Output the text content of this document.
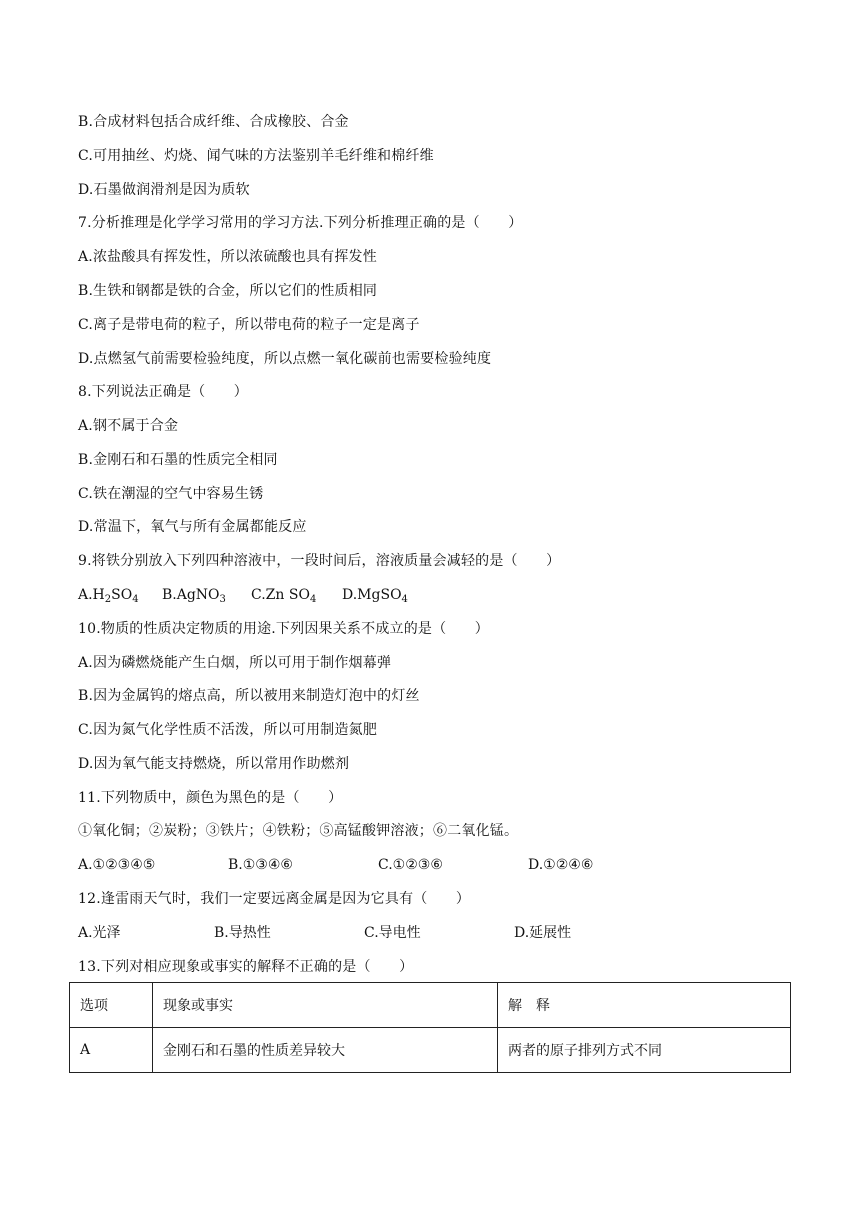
B.合成材料包括合成纤维、合成橡胶、合金
C.可用抽丝、灼烧、闻气味的方法鉴别羊毛纤维和棉纤维
D.石墨做润滑剂是因为质软
7.分析推理是化学学习常用的学习方法.下列分析推理正确的是（　　）
A.浓盐酸具有挥发性，所以浓硫酸也具有挥发性
B.生铁和钢都是铁的合金，所以它们的性质相同
C.离子是带电荷的粒子，所以带电荷的粒子一定是离子
D.点燃氢气前需要检验纯度，所以点燃一氧化碳前也需要检验纯度
8.下列说法正确是（　　）
A.钢不属于合金
B.金刚石和石墨的性质完全相同
C.铁在潮湿的空气中容易生锈
D.常温下，氧气与所有金属都能反应
9.将铁分别放入下列四种溶液中，一段时间后，溶液质量会减轻的是（　　）
$A.H_2SO_4$ B.AgNO$_3$ C.Zn $SO_4$ D.MgSO$_4$
10.物质的性质决定物质的用途.下列因果关系不成立的是（　　）
A.因为磷燃烧能产生白烟，所以可用于制作烟幕弹
B.因为金属钨的熔点高，所以被用来制造灯泡中的灯丝
C.因为氮气化学性质不活泼，所以可用制造氮肥
D.因为氧气能支持燃烧，所以常用作助燃剂
11.下列物质中，颜色为黑色的是（　　）
①氧化铜；②炭粉；③铁片；④铁粉；⑤高锰酸钾溶液；⑥二氧化锰。
A.①②③④⑤	B.①③④⑥	C.①②③⑥	D.①②④⑥
12.逢雷雨天气时，我们一定要远离金属是因为它具有（　　）
A.光泽	B.导热性	C.导电性	D.延展性
13.下列对相应现象或事实的解释不正确的是（　　）
选项	现象或事实	解　释
A	金刚石和石墨的性质差异较大	两者的原子排列方式不同
